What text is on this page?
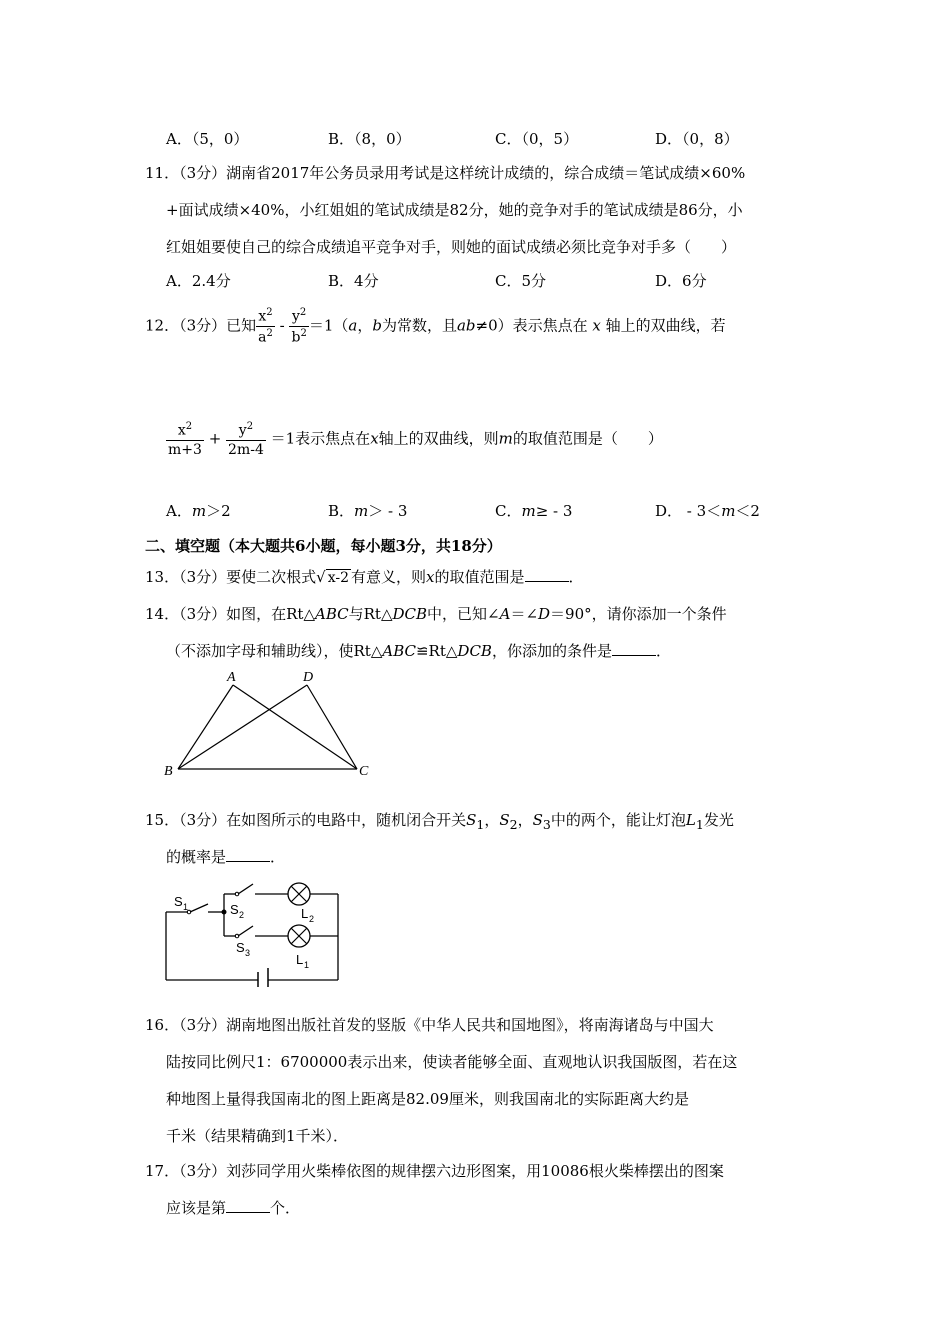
A．（5，0）	B．（8，0）	C．（0，5）	D．（0，8）
11．（3分）湖南省2017年公务员录用考试是这样统计成绩的，综合成绩＝笔试成绩×60%
+面试成绩×40%，小红姐姐的笔试成绩是82分，她的竞争对手的笔试成绩是86分，小
红姐姐要使自己的综合成绩追平竞争对手，则她的面试成绩必须比竞争对手多（　　）
A．2.4分	B．4分	C．5分	D．6分
12．（3分）已知 $\frac{x^2}{a^2} - \frac{y^2}{b^2} =1(a$，b为常数，且ab≠0）表示焦点在 x 轴上的双曲线，若
$\frac{x^2}{m+3} + \frac{y^2}{2m-4} =1$表示焦点在x轴上的双曲线，则m的取值范围是（　　）
A．m＞2	B．m＞ - 3	C．m≥ - 3	D． - 3＜m＜2
二、填空题（本大题共6小题，每小题3分，共18分）
13．（3分）要使二次根式√ x-2 有意义，则x的取值范围是	．
14．（3分）如图，在Rt△ABC与Rt△DCB中，已知∠A＝∠D＝90°，请你添加一个条件
（不添加字母和辅助线），使Rt△ABC≌Rt△DCB，你添加的条件是	．
A	D
B	C
15．（3分）在如图所示的电路中，随机闭合开关$S_1$，$S_2$，$S_3$中的两个，能让灯泡$L_1$发光
的概率是	．
S 1	S 2
S 3
L 2
L 1
16．（3分）湖南地图出版社首发的竖版《中华人民共和国地图》，将南海诸岛与中国大
陆按同比例尺1：6700000表示出来，使读者能够全面、直观地认识我国版图，若在这
种地图上量得我国南北的图上距离是82.09厘米，则我国南北的实际距离大约是
千米（结果精确到1千米）．
17．（3分）刘莎同学用火柴棒依图的规律摆六边形图案，用10086根火柴棒摆出的图案
应该是第	个．
